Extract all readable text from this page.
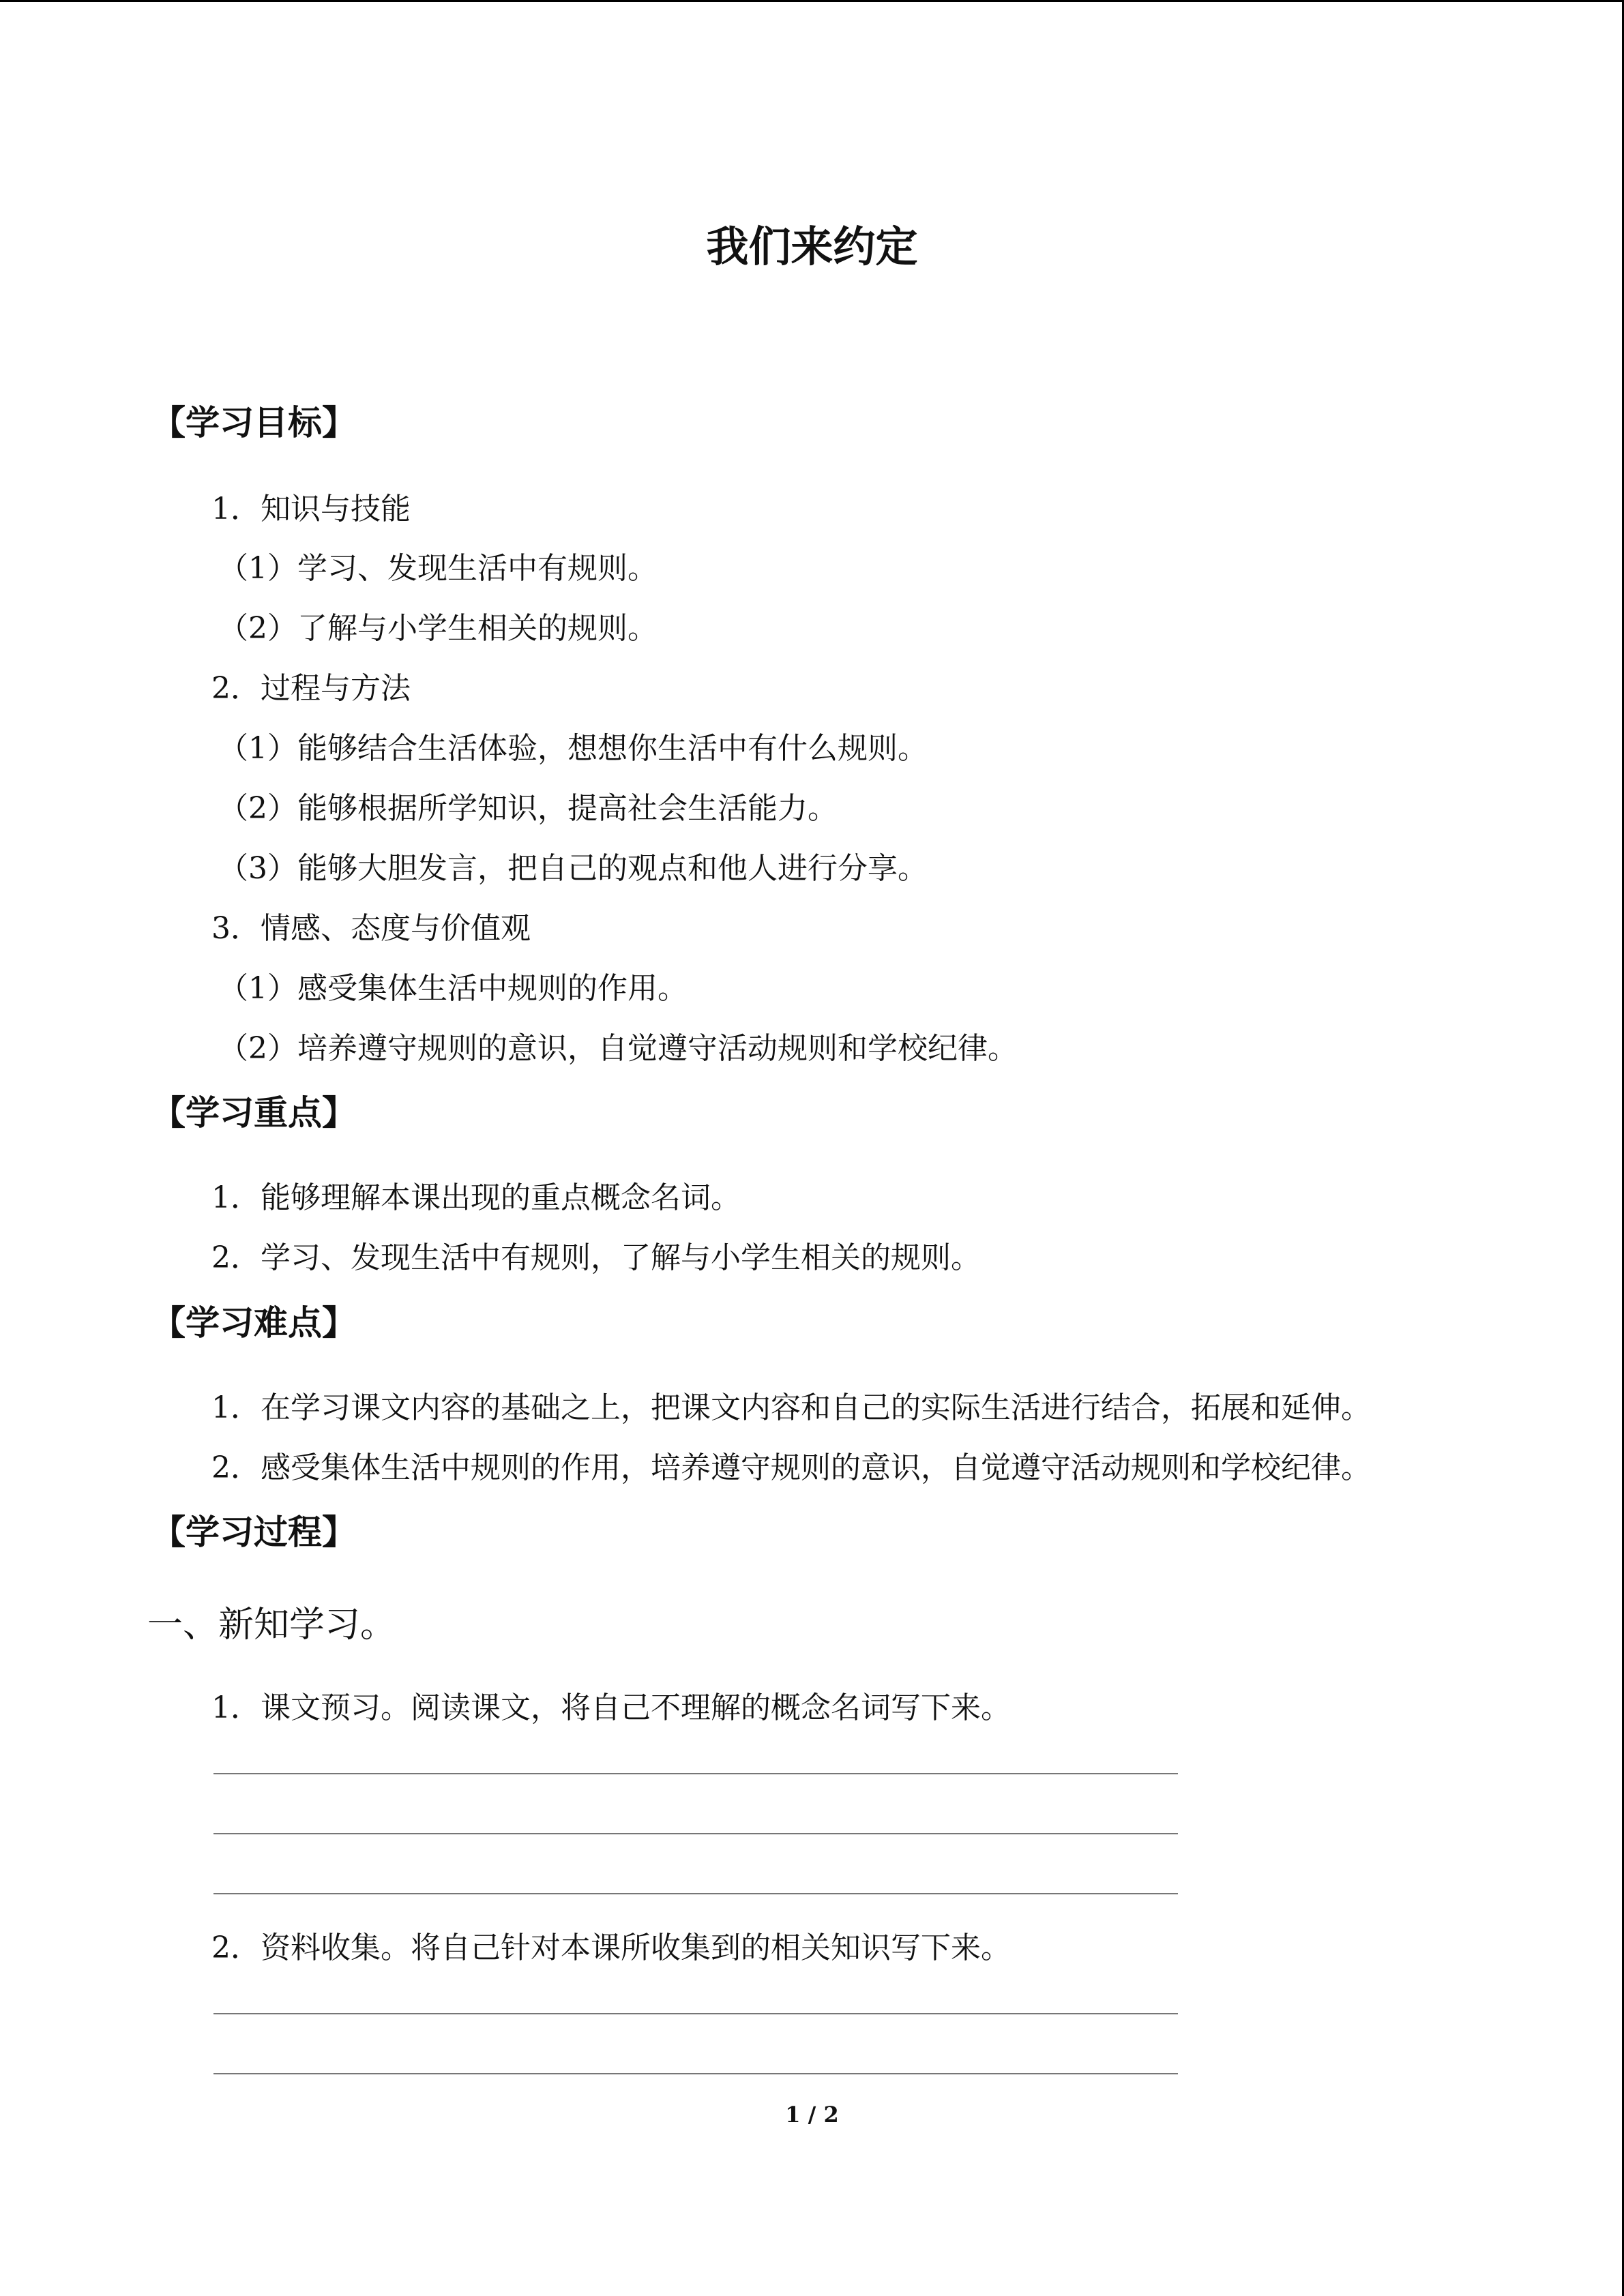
我们来约定
【学习目标】
1．知识与技能
（1）学习、发现生活中有规则。
（2）了解与小学生相关的规则。
2．过程与方法
（1）能够结合生活体验，想想你生活中有什么规则。
（2）能够根据所学知识，提高社会生活能力。
（3）能够大胆发言，把自己的观点和他人进行分享。
3．情感、态度与价值观
（1）感受集体生活中规则的作用。
（2）培养遵守规则的意识，自觉遵守活动规则和学校纪律。
【学习重点】
1．能够理解本课出现的重点概念名词。
2．学习、发现生活中有规则，了解与小学生相关的规则。
【学习难点】
1．在学习课文内容的基础之上，把课文内容和自己的实际生活进行结合，拓展和延伸。
2．感受集体生活中规则的作用，培养遵守规则的意识，自觉遵守活动规则和学校纪律。
【学习过程】
一、新知学习。
1．课文预习。阅读课文，将自己不理解的概念名词写下来。
2．资料收集。将自己针对本课所收集到的相关知识写下来。
1 / 2
